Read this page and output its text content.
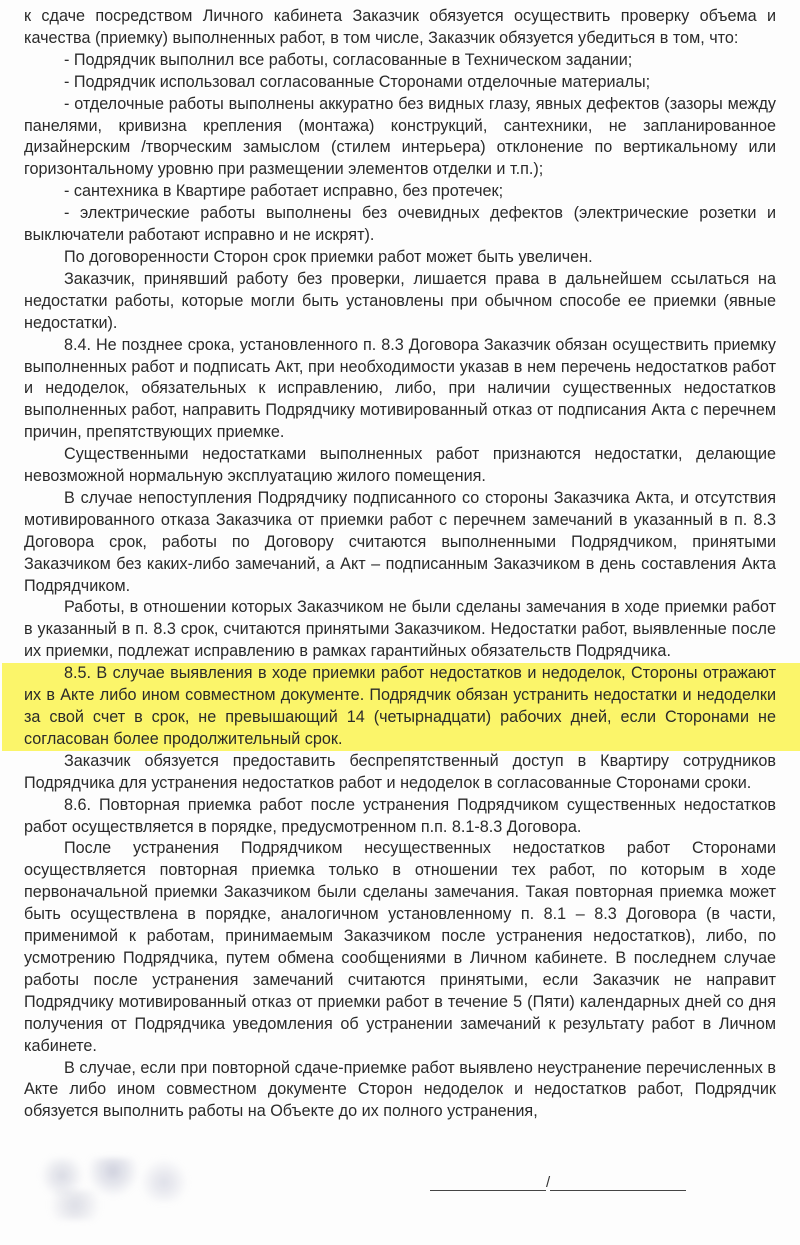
к сдаче посредством Личного кабинета Заказчик обязуется осуществить проверку объема и качества (приемку) выполненных работ, в том числе, Заказчик обязуется убедиться в том, что:

- Подрядчик выполнил все работы, согласованные в Техническом задании;

- Подрядчик использовал согласованные Сторонами отделочные материалы;

- отделочные работы выполнены аккуратно без видных глазу, явных дефектов (зазоры между панелями, кривизна крепления (монтажа) конструкций, сантехники, не запланированное дизайнерским /творческим замыслом (стилем интерьера) отклонение по вертикальному или горизонтальному уровню при размещении элементов отделки и т.п.);

- сантехника в Квартире работает исправно, без протечек;

- электрические работы выполнены без очевидных дефектов (электрические розетки и выключатели работают исправно и не искрят).

По договоренности Сторон срок приемки работ может быть увеличен.

Заказчик, принявший работу без проверки, лишается права в дальнейшем ссылаться на недостатки работы, которые могли быть установлены при обычном способе ее приемки (явные недостатки).

8.4. Не позднее срока, установленного п. 8.3 Договора Заказчик обязан осуществить приемку выполненных работ и подписать Акт, при необходимости указав в нем перечень недостатков работ и недоделок, обязательных к исправлению, либо, при наличии существенных недостатков выполненных работ, направить Подрядчику мотивированный отказ от подписания Акта с перечнем причин, препятствующих приемке.

Существенными недостатками выполненных работ признаются недостатки, делающие невозможной нормальную эксплуатацию жилого помещения.

В случае непоступления Подрядчику подписанного со стороны Заказчика Акта, и отсутствия мотивированного отказа Заказчика от приемки работ с перечнем замечаний в указанный в п. 8.3 Договора срок, работы по Договору считаются выполненными Подрядчиком, принятыми Заказчиком без каких-либо замечаний, а Акт – подписанным Заказчиком в день составления Акта Подрядчиком.

Работы, в отношении которых Заказчиком не были сделаны замечания в ходе приемки работ в указанный в п. 8.3 срок, считаются принятыми Заказчиком. Недостатки работ, выявленные после их приемки, подлежат исправлению в рамках гарантийных обязательств Подрядчика.

8.5. В случае выявления в ходе приемки работ недостатков и недоделок, Стороны отражают их в Акте либо ином совместном документе. Подрядчик обязан устранить недостатки и недоделки за свой счет в срок, не превышающий 14 (четырнадцати) рабочих дней, если Сторонами не согласован более продолжительный срок.

Заказчик обязуется предоставить беспрепятственный доступ в Квартиру сотрудников Подрядчика для устранения недостатков работ и недоделок в согласованные Сторонами сроки.

8.6. Повторная приемка работ после устранения Подрядчиком существенных недостатков работ осуществляется в порядке, предусмотренном п.п. 8.1-8.3 Договора.

После устранения Подрядчиком несущественных недостатков работ Сторонами осуществляется повторная приемка только в отношении тех работ, по которым в ходе первоначальной приемки Заказчиком были сделаны замечания. Такая повторная приемка может быть осуществлена в порядке, аналогичном установленному п. 8.1 – 8.3 Договора (в части, применимой к работам, принимаемым Заказчиком после устранения недостатков), либо, по усмотрению Подрядчика, путем обмена сообщениями в Личном кабинете. В последнем случае работы после устранения замечаний считаются принятыми, если Заказчик не направит Подрядчику мотивированный отказ от приемки работ в течение 5 (Пяти) календарных дней со дня получения от Подрядчика уведомления об устранении замечаний к результату работ в Личном кабинете.

В случае, если при повторной сдаче-приемке работ выявлено неустранение перечисленных в Акте либо ином совместном документе Сторон недоделок и недостатков работ, Подрядчик обязуется выполнить работы на Объекте до их полного устранения,

/
